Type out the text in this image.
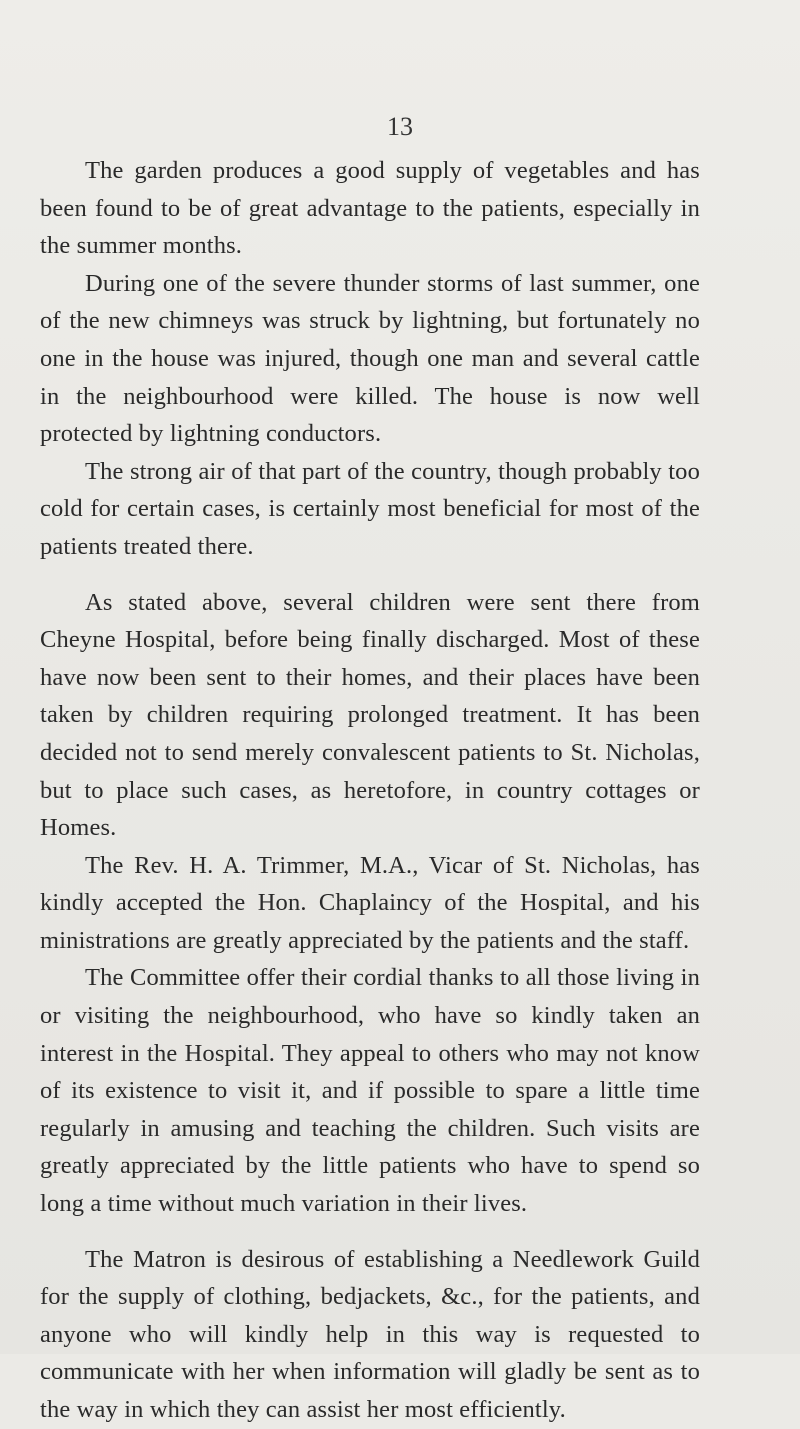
13

The garden produces a good supply of vegetables and has been found to be of great advantage to the patients, especially in the summer months.

During one of the severe thunder storms of last summer, one of the new chimneys was struck by lightning, but fortunately no one in the house was injured, though one man and several cattle in the neighbourhood were killed. The house is now well protected by lightning conductors.

The strong air of that part of the country, though probably too cold for certain cases, is certainly most beneficial for most of the patients treated there.

As stated above, several children were sent there from Cheyne Hospital, before being finally discharged. Most of these have now been sent to their homes, and their places have been taken by children requiring prolonged treatment. It has been decided not to send merely convalescent patients to St. Nicholas, but to place such cases, as heretofore, in country cottages or Homes.

The Rev. H. A. Trimmer, M.A., Vicar of St. Nicholas, has kindly accepted the Hon. Chaplaincy of the Hospital, and his ministrations are greatly appreciated by the patients and the staff.

The Committee offer their cordial thanks to all those living in or visiting the neighbourhood, who have so kindly taken an interest in the Hospital. They appeal to others who may not know of its existence to visit it, and if possible to spare a little time regularly in amusing and teaching the children. Such visits are greatly appreciated by the little patients who have to spend so long a time without much variation in their lives.

The Matron is desirous of establishing a Needlework Guild for the supply of clothing, bedjackets, &c., for the patients, and anyone who will kindly help in this way is requested to communicate with her when information will gladly be sent as to the way in which they can assist her most efficiently.
